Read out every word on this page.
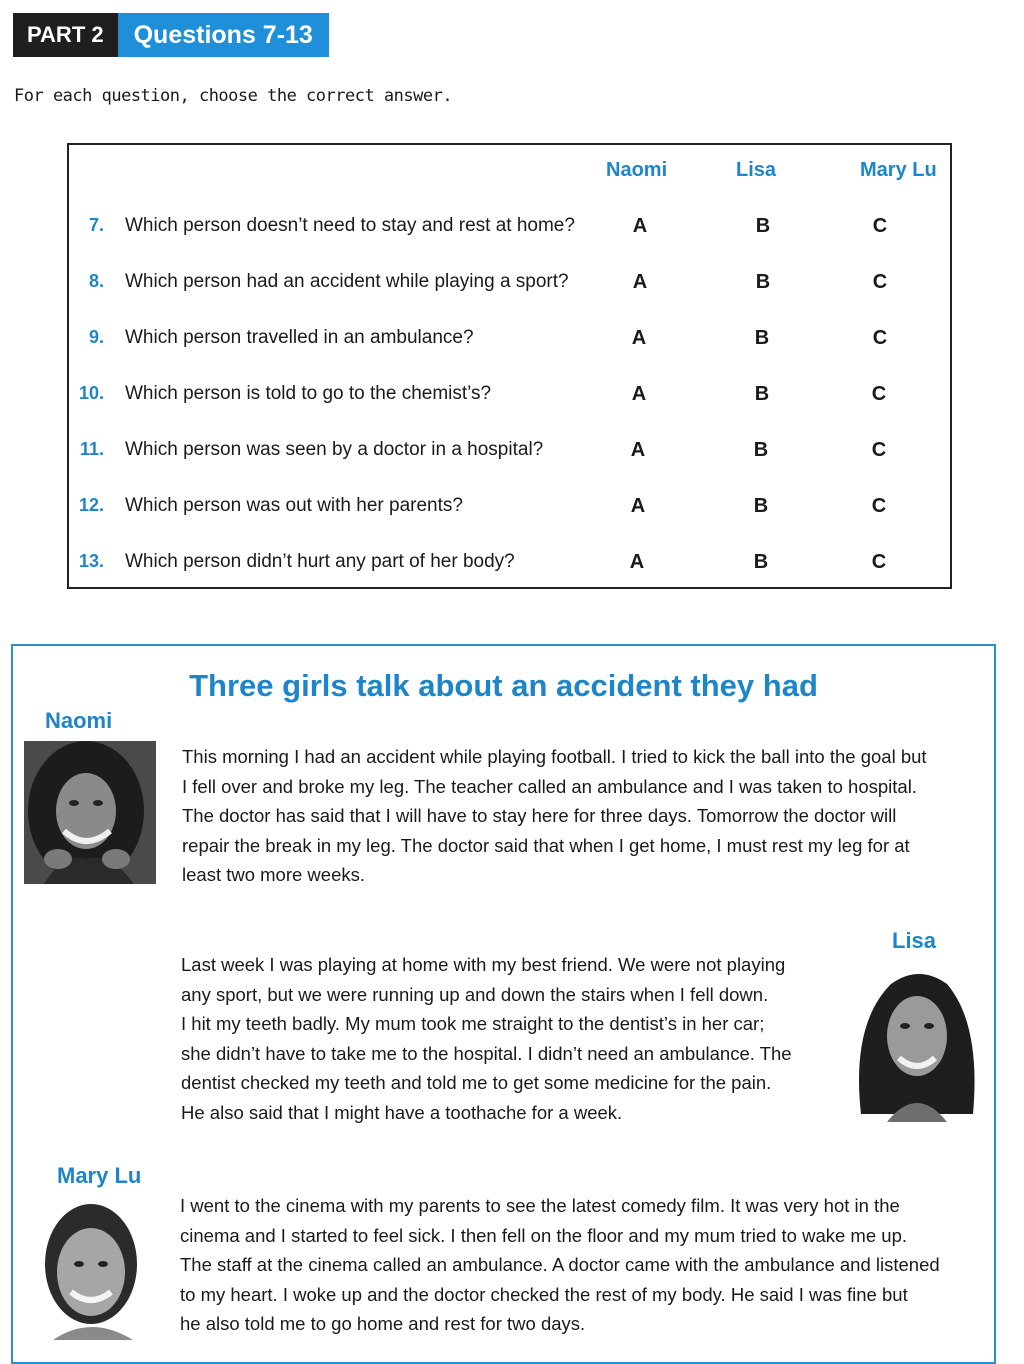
PART 2	Questions 7-13
For each question, choose the correct answer.
Naomi	Lisa	Mary Lu
7. Which person doesn’t need to stay and rest at home?	A	B	C
8. Which person had an accident while playing a sport?	A	B	C
9. Which person travelled in an ambulance?	A	B	C
10. Which person is told to go to the chemist’s?	A	B	C
11. Which person was seen by a doctor in a hospital?	A	B	C
12. Which person was out with her parents?	A	B	C
13. Which person didn’t hurt any part of her body?	A	B	C
Three girls talk about an accident they had
Naomi
This morning I had an accident while playing football. I tried to kick the ball into the goal but
I fell over and broke my leg. The teacher called an ambulance and I was taken to hospital.
The doctor has said that I will have to stay here for three days. Tomorrow the doctor will
repair the break in my leg. The doctor said that when I get home, I must rest my leg for at
least two more weeks.
Lisa
Last week I was playing at home with my best friend. We were not playing
any sport, but we were running up and down the stairs when I fell down.
I hit my teeth badly. My mum took me straight to the dentist’s in her car;
she didn’t have to take me to the hospital. I didn’t need an ambulance. The
dentist checked my teeth and told me to get some medicine for the pain.
He also said that I might have a toothache for a week.
Mary Lu
I went to the cinema with my parents to see the latest comedy film. It was very hot in the
cinema and I started to feel sick. I then fell on the floor and my mum tried to wake me up.
The staff at the cinema called an ambulance. A doctor came with the ambulance and listened
to my heart. I woke up and the doctor checked the rest of my body. He said I was fine but
he also told me to go home and rest for two days.
